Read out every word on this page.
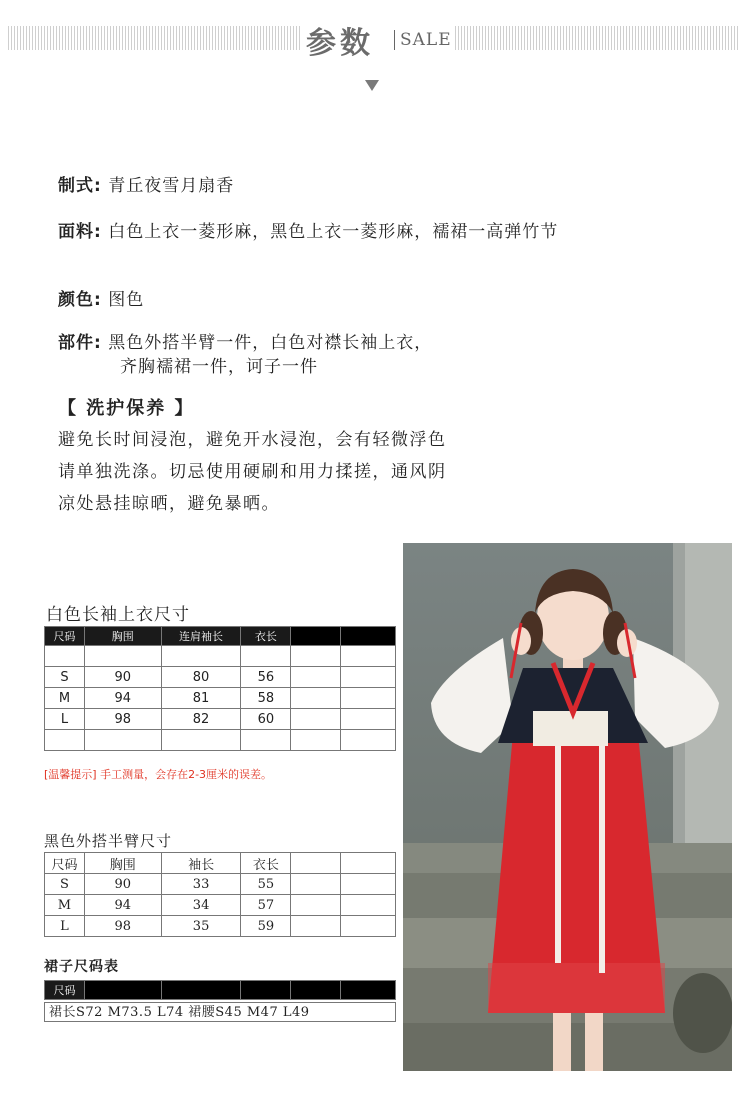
参数 SALE
制式: 青丘夜雪月扇香
面料: 白色上衣一菱形麻，黑色上衣一菱形麻，襦裙一高弹竹节
颜色: 图色
部件: 黑色外搭半臂一件，白色对襟长袖上衣，
齐胸襦裙一件，诃子一件
【 洗护保养 】
避免长时间浸泡，避免开水浸泡，会有轻微浮色
请单独洗涤。切忌使用硬刷和用力揉搓，通风阴
凉处悬挂晾晒，避免暴晒。
白色长袖上衣尺寸
尺码	胸围	连肩袖长	衣长		

S	90	80	56		
M	94	81	58		
L	98	82	60		

[温馨提示] 手工测量，会存在2-3厘米的误差。
黑色外搭半臂尺寸
尺码	胸围	袖长	衣长		
S	90	33	55		
M	94	34	57		
L	98	35	59		
裙子尺码表
尺码					
裙长S72 M73.5 L74 裙腰S45 M47 L49
